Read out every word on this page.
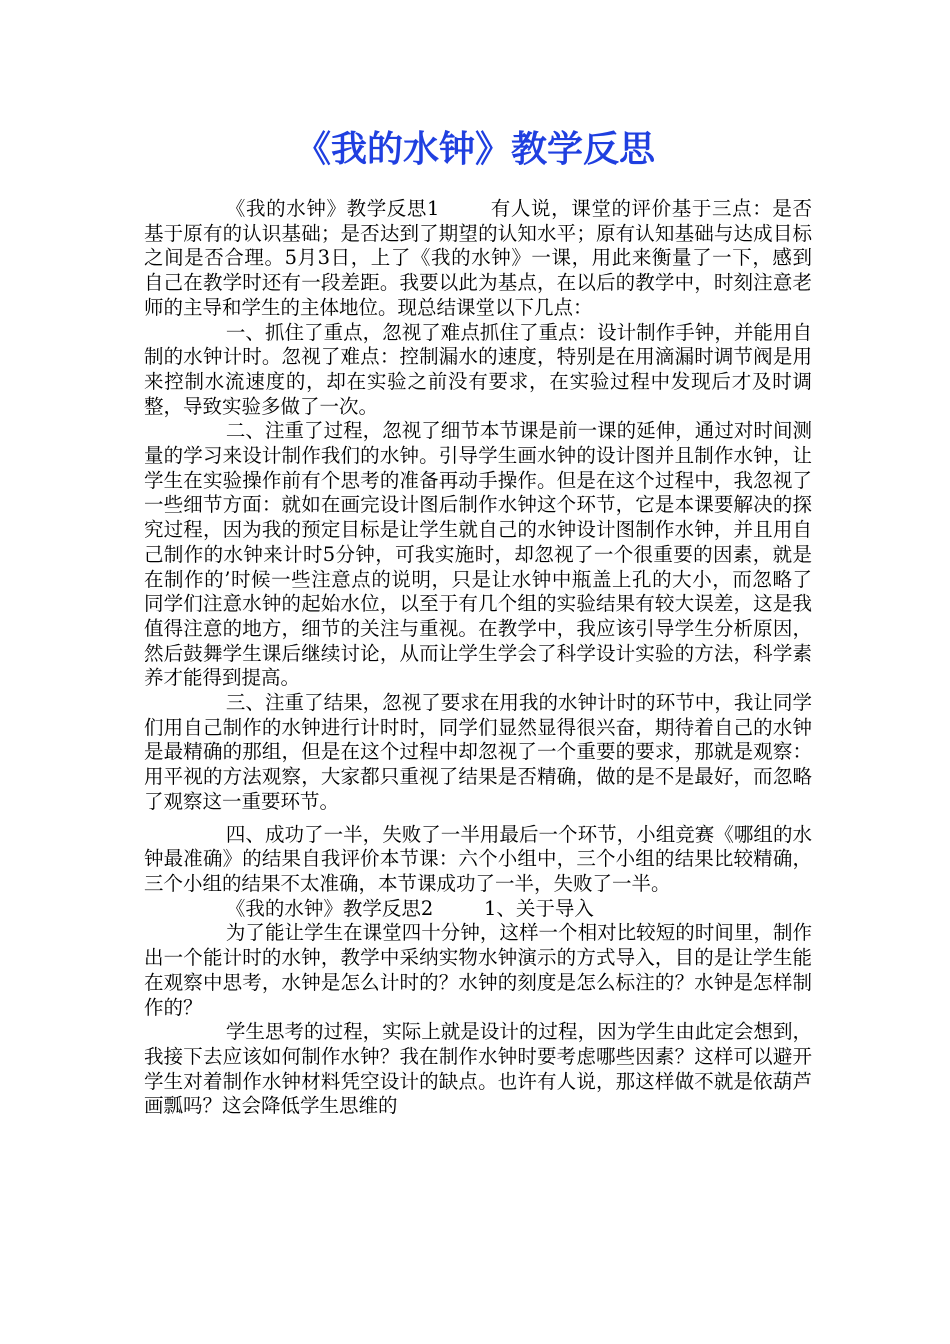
《我的水钟》教学反思

《我的水钟》教学反思1	有人说，课堂的评价基于三点：是否基于原有的认识基础；是否达到了期望的认知水平；原有认知基础与达成目标之间是否合理。5月3日，上了《我的水钟》一课，用此来衡量了一下，感到自己在教学时还有一段差距。我要以此为基点，在以后的教学中，时刻注意老师的主导和学生的主体地位。现总结课堂以下几点：

一、抓住了重点，忽视了难点抓住了重点：设计制作手钟，并能用自制的水钟计时。忽视了难点：控制漏水的速度，特别是在用滴漏时调节阀是用来控制水流速度的，却在实验之前没有要求，在实验过程中发现后才及时调整，导致实验多做了一次。

二、注重了过程，忽视了细节本节课是前一课的延伸，通过对时间测量的学习来设计制作我们的水钟。引导学生画水钟的设计图并且制作水钟，让学生在实验操作前有个思考的准备再动手操作。但是在这个过程中，我忽视了一些细节方面：就如在画完设计图后制作水钟这个环节，它是本课要解决的探究过程，因为我的预定目标是让学生就自己的水钟设计图制作水钟，并且用自己制作的水钟来计时5分钟，可我实施时，却忽视了一个很重要的因素，就是在制作的’时候一些注意点的说明，只是让水钟中瓶盖上孔的大小，而忽略了同学们注意水钟的起始水位，以至于有几个组的实验结果有较大误差，这是我值得注意的地方，细节的关注与重视。在教学中，我应该引导学生分析原因，然后鼓舞学生课后继续讨论，从而让学生学会了科学设计实验的方法，科学素养才能得到提高。

三、注重了结果，忽视了要求在用我的水钟计时的环节中，我让同学们用自己制作的水钟进行计时时，同学们显然显得很兴奋，期待着自己的水钟是最精确的那组，但是在这个过程中却忽视了一个重要的要求，那就是观察：用平视的方法观察，大家都只重视了结果是否精确，做的是不是最好，而忽略了观察这一重要环节。

四、成功了一半，失败了一半用最后一个环节，小组竞赛《哪组的水钟最准确》的结果自我评价本节课：六个小组中，三个小组的结果比较精确，三个小组的结果不太准确，本节课成功了一半，失败了一半。

《我的水钟》教学反思2	1、关于导入

为了能让学生在课堂四十分钟，这样一个相对比较短的时间里，制作出一个能计时的水钟，教学中采纳实物水钟演示的方式导入，目的是让学生能在观察中思考，水钟是怎么计时的？水钟的刻度是怎么标注的？水钟是怎样制作的？

学生思考的过程，实际上就是设计的过程，因为学生由此定会想到，我接下去应该如何制作水钟？我在制作水钟时要考虑哪些因素？这样可以避开学生对着制作水钟材料凭空设计的缺点。也许有人说，那这样做不就是依葫芦画瓢吗？这会降低学生思维的
